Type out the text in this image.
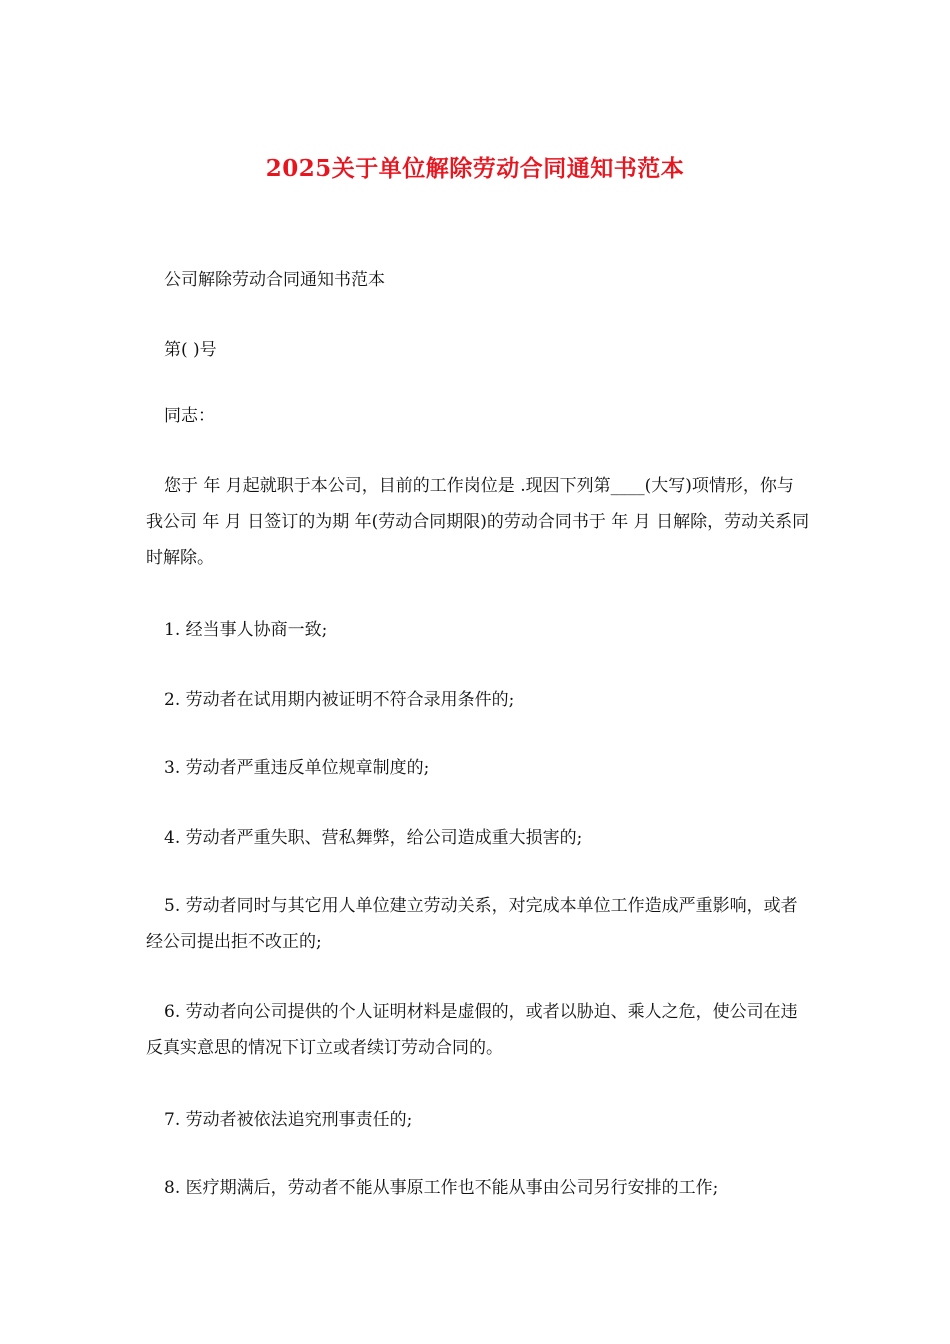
2025关于单位解除劳动合同通知书范本

公司解除劳动合同通知书范本

第( )号

同志：

您于 年 月起就职于本公司，目前的工作岗位是 .现因下列第____(大写)项情形，你与我公司 年 月 日签订的为期 年(劳动合同期限)的劳动合同书于 年 月 日解除，劳动关系同时解除。

1. 经当事人协商一致;

2. 劳动者在试用期内被证明不符合录用条件的;

3. 劳动者严重违反单位规章制度的;

4. 劳动者严重失职、营私舞弊，给公司造成重大损害的;

5. 劳动者同时与其它用人单位建立劳动关系，对完成本单位工作造成严重影响，或者经公司提出拒不改正的;

6. 劳动者向公司提供的个人证明材料是虚假的，或者以胁迫、乘人之危，使公司在违反真实意思的情况下订立或者续订劳动合同的。

7. 劳动者被依法追究刑事责任的;

8. 医疗期满后，劳动者不能从事原工作也不能从事由公司另行安排的工作;
